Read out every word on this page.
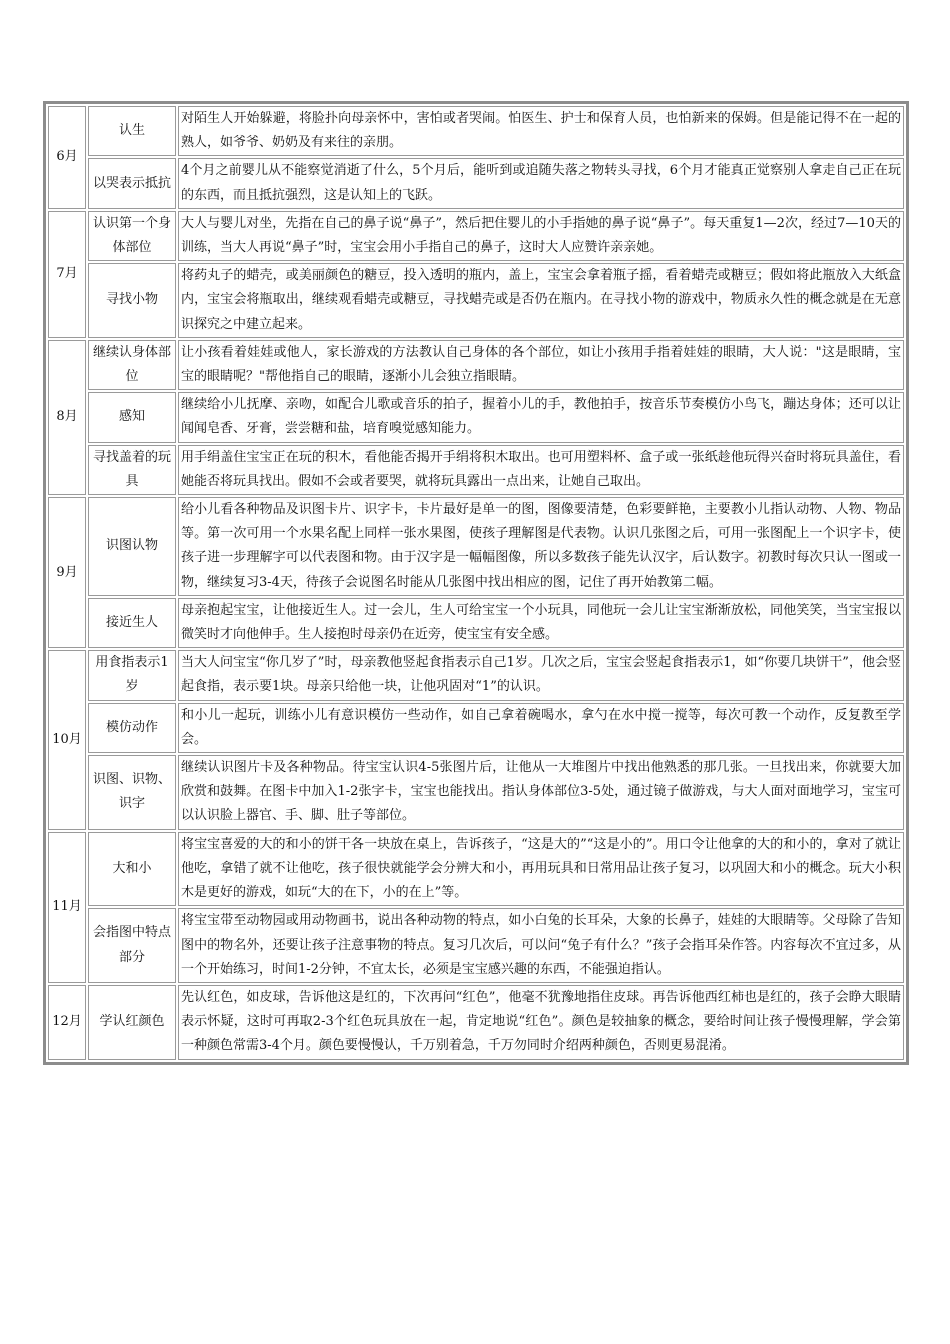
6月	认生	对陌生人开始躲避，将脸扑向母亲怀中，害怕或者哭闹。怕医生、护士和保育人员，也怕新来的保姆。但是能记得不在一起的熟人，如爷爷、奶奶及有来往的亲朋。
	以哭表示抵抗	4个月之前婴儿从不能察觉消逝了什么，5个月后，能听到或追随失落之物转头寻找，6个月才能真正觉察别人拿走自己正在玩的东西，而且抵抗强烈，这是认知上的飞跃。
7月	认识第一个身体部位	大人与婴儿对坐，先指在自己的鼻子说“鼻子”，然后把住婴儿的小手指她的鼻子说“鼻子”。每天重复1—2次，经过7—10天的训练，当大人再说“鼻子”时，宝宝会用小手指自己的鼻子，这时大人应赞许亲亲她。
	寻找小物	将药丸子的蜡壳，或美丽颜色的糖豆，投入透明的瓶内，盖上，宝宝会拿着瓶子摇，看着蜡壳或糖豆；假如将此瓶放入大纸盒内，宝宝会将瓶取出，继续观看蜡壳或糖豆，寻找蜡壳或是否仍在瓶内。在寻找小物的游戏中，物质永久性的概念就是在无意识探究之中建立起来。
8月	继续认身体部位	让小孩看着娃娃或他人，家长游戏的方法教认自己身体的各个部位，如让小孩用手指着娃娃的眼睛，大人说："这是眼睛，宝宝的眼睛呢？"帮他指自己的眼睛，逐渐小儿会独立指眼睛。
	感知	继续给小儿抚摩、亲吻，如配合儿歌或音乐的拍子，握着小儿的手，教他拍手，按音乐节奏模仿小鸟飞，蹦达身体；还可以让闻闻皂香、牙膏，尝尝糖和盐，培育嗅觉感知能力。
	寻找盖着的玩具	用手绢盖住宝宝正在玩的积木，看他能否揭开手绢将积木取出。也可用塑料杯、盒子或一张纸趁他玩得兴奋时将玩具盖住，看她能否将玩具找出。假如不会或者要哭，就将玩具露出一点出来，让她自己取出。
9月	识图认物	给小儿看各种物品及识图卡片、识字卡，卡片最好是单一的图，图像要清楚，色彩要鲜艳，主要教小儿指认动物、人物、物品等。第一次可用一个水果名配上同样一张水果图，使孩子理解图是代表物。认识几张图之后，可用一张图配上一个识字卡，使孩子进一步理解字可以代表图和物。由于汉字是一幅幅图像，所以多数孩子能先认汉字，后认数字。初教时每次只认一图或一物，继续复习3-4天，待孩子会说图名时能从几张图中找出相应的图，记住了再开始教第二幅。
	接近生人	母亲抱起宝宝，让他接近生人。过一会儿，生人可给宝宝一个小玩具，同他玩一会儿让宝宝渐渐放松，同他笑笑，当宝宝报以微笑时才向他伸手。生人接抱时母亲仍在近旁，使宝宝有安全感。
10月	用食指表示1岁	当大人问宝宝“你几岁了”时，母亲教他竖起食指表示自己1岁。几次之后，宝宝会竖起食指表示1，如“你要几块饼干”，他会竖起食指，表示要1块。母亲只给他一块，让他巩固对“1”的认识。
	模仿动作	和小儿一起玩，训练小儿有意识模仿一些动作，如自己拿着碗喝水，拿勺在水中搅一搅等，每次可教一个动作，反复教至学会。
	识图、识物、识字	继续认识图片卡及各种物品。待宝宝认识4-5张图片后，让他从一大堆图片中找出他熟悉的那几张。一旦找出来，你就要大加欣赏和鼓舞。在图卡中加入1-2张字卡，宝宝也能找出。指认身体部位3-5处，通过镜子做游戏，与大人面对面地学习，宝宝可以认识脸上器官、手、脚、肚子等部位。
11月	大和小	将宝宝喜爱的大的和小的饼干各一块放在桌上，告诉孩子，“这是大的”“这是小的”。用口令让他拿的大的和小的，拿对了就让他吃，拿错了就不让他吃，孩子很快就能学会分辨大和小，再用玩具和日常用品让孩子复习，以巩固大和小的概念。玩大小积木是更好的游戏，如玩“大的在下，小的在上”等。
	会指图中特点部分	将宝宝带至动物园或用动物画书，说出各种动物的特点，如小白兔的长耳朵，大象的长鼻子，娃娃的大眼睛等。父母除了告知图中的物名外，还要让孩子注意事物的特点。复习几次后，可以问“兔子有什么？”孩子会指耳朵作答。内容每次不宜过多，从一个开始练习，时间1-2分钟，不宜太长，必须是宝宝感兴趣的东西，不能强迫指认。
12月	学认红颜色	先认红色，如皮球，告诉他这是红的，下次再问“红色”，他毫不犹豫地指住皮球。再告诉他西红柿也是红的，孩子会睁大眼睛表示怀疑，这时可再取2-3个红色玩具放在一起，肯定地说“红色”。颜色是较抽象的概念，要给时间让孩子慢慢理解，学会第一种颜色常需3-4个月。颜色要慢慢认，千万别着急，千万勿同时介绍两种颜色，否则更易混淆。
